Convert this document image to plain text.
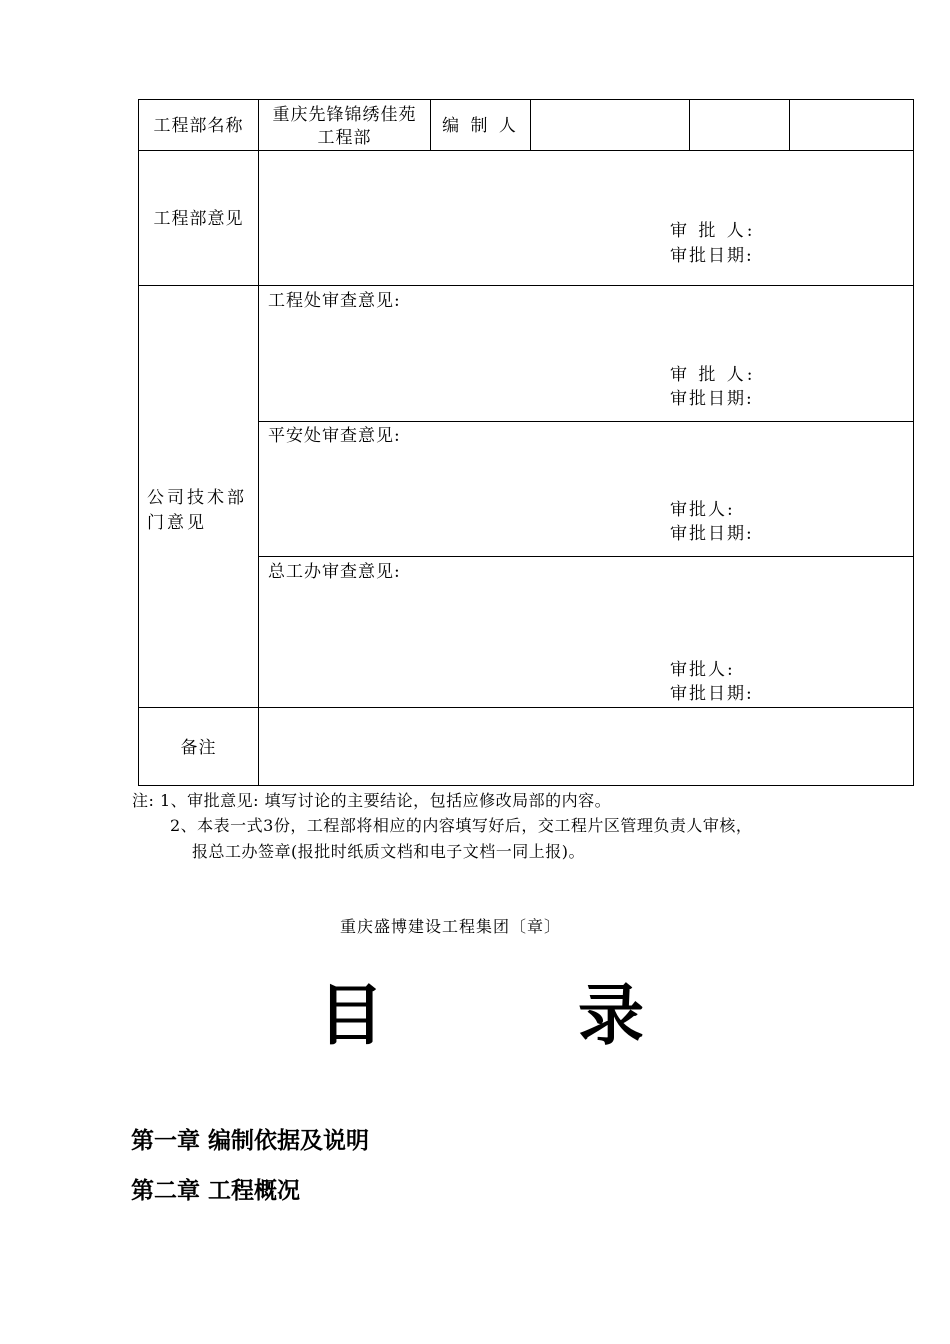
工程部名称
重庆先锋锦绣佳苑
工程部
编 制 人
工程部意见
审 批 人:
审批日期:
公司技术部
门意见
工程处审查意见:
审 批 人:
审批日期:
平安处审查意见:
审批人:
审批日期:
总工办审查意见:
审批人:
审批日期:
备注
注: 1、审批意见: 填写讨论的主要结论，包括应修改局部的内容。
2、本表一式3份，工程部将相应的内容填写好后，交工程片区管理负责人审核，
报总工办签章(报批时纸质文档和电子文档一同上报)。
重庆盛博建设工程集团〔章〕
目	录
第一章 编制依据及说明
第二章 工程概况
